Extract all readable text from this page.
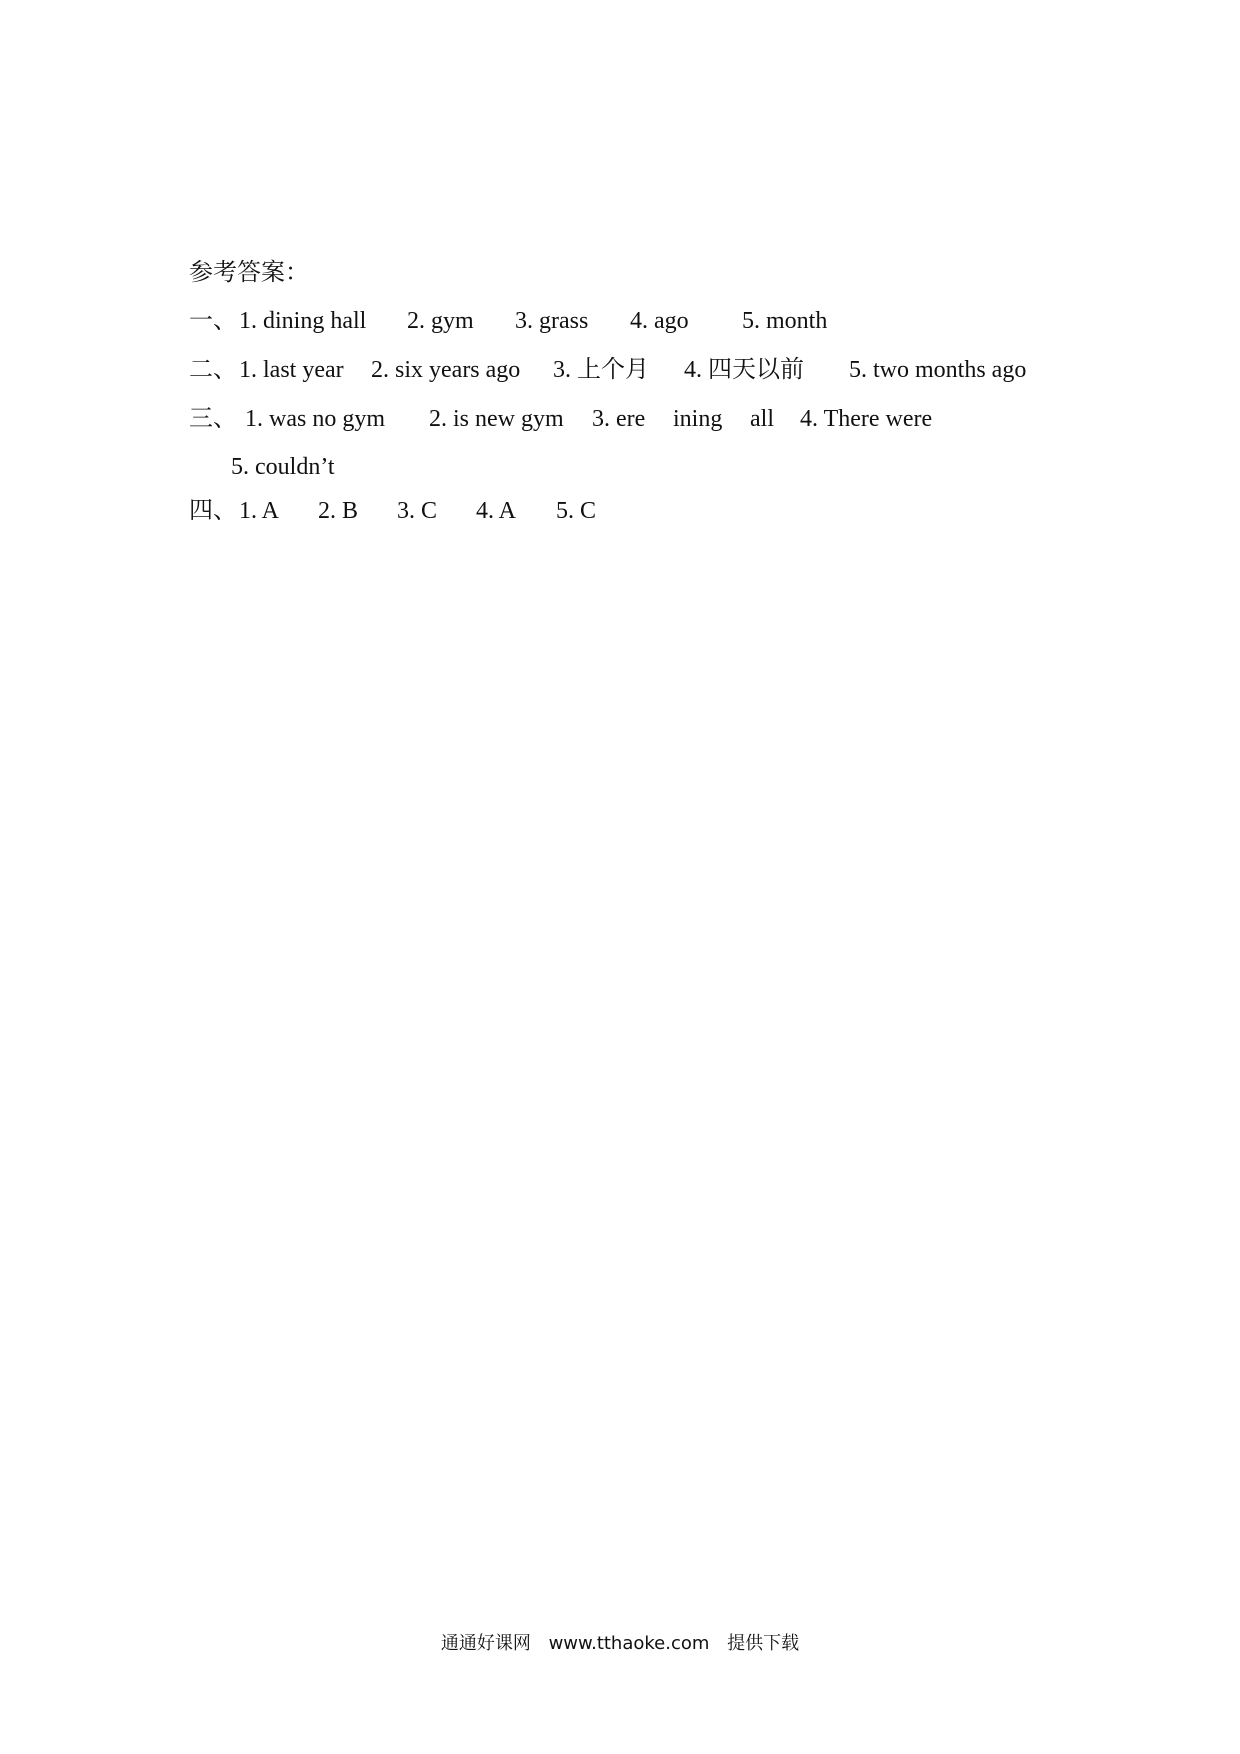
参考答案：
一、 1. dining hall 2. gym 3. grass 4. ago 5. month
二、 1. last year 2. six years ago 3. 上个月 4. 四天以前 5. two months ago
三、 1. was no gym 2. is new gym 3. ere ining all 4. There were
5. couldn’t
四、 1. A 2. B 3. C 4. A 5. C
通通好课网 www.tthaoke.com 提供下载
